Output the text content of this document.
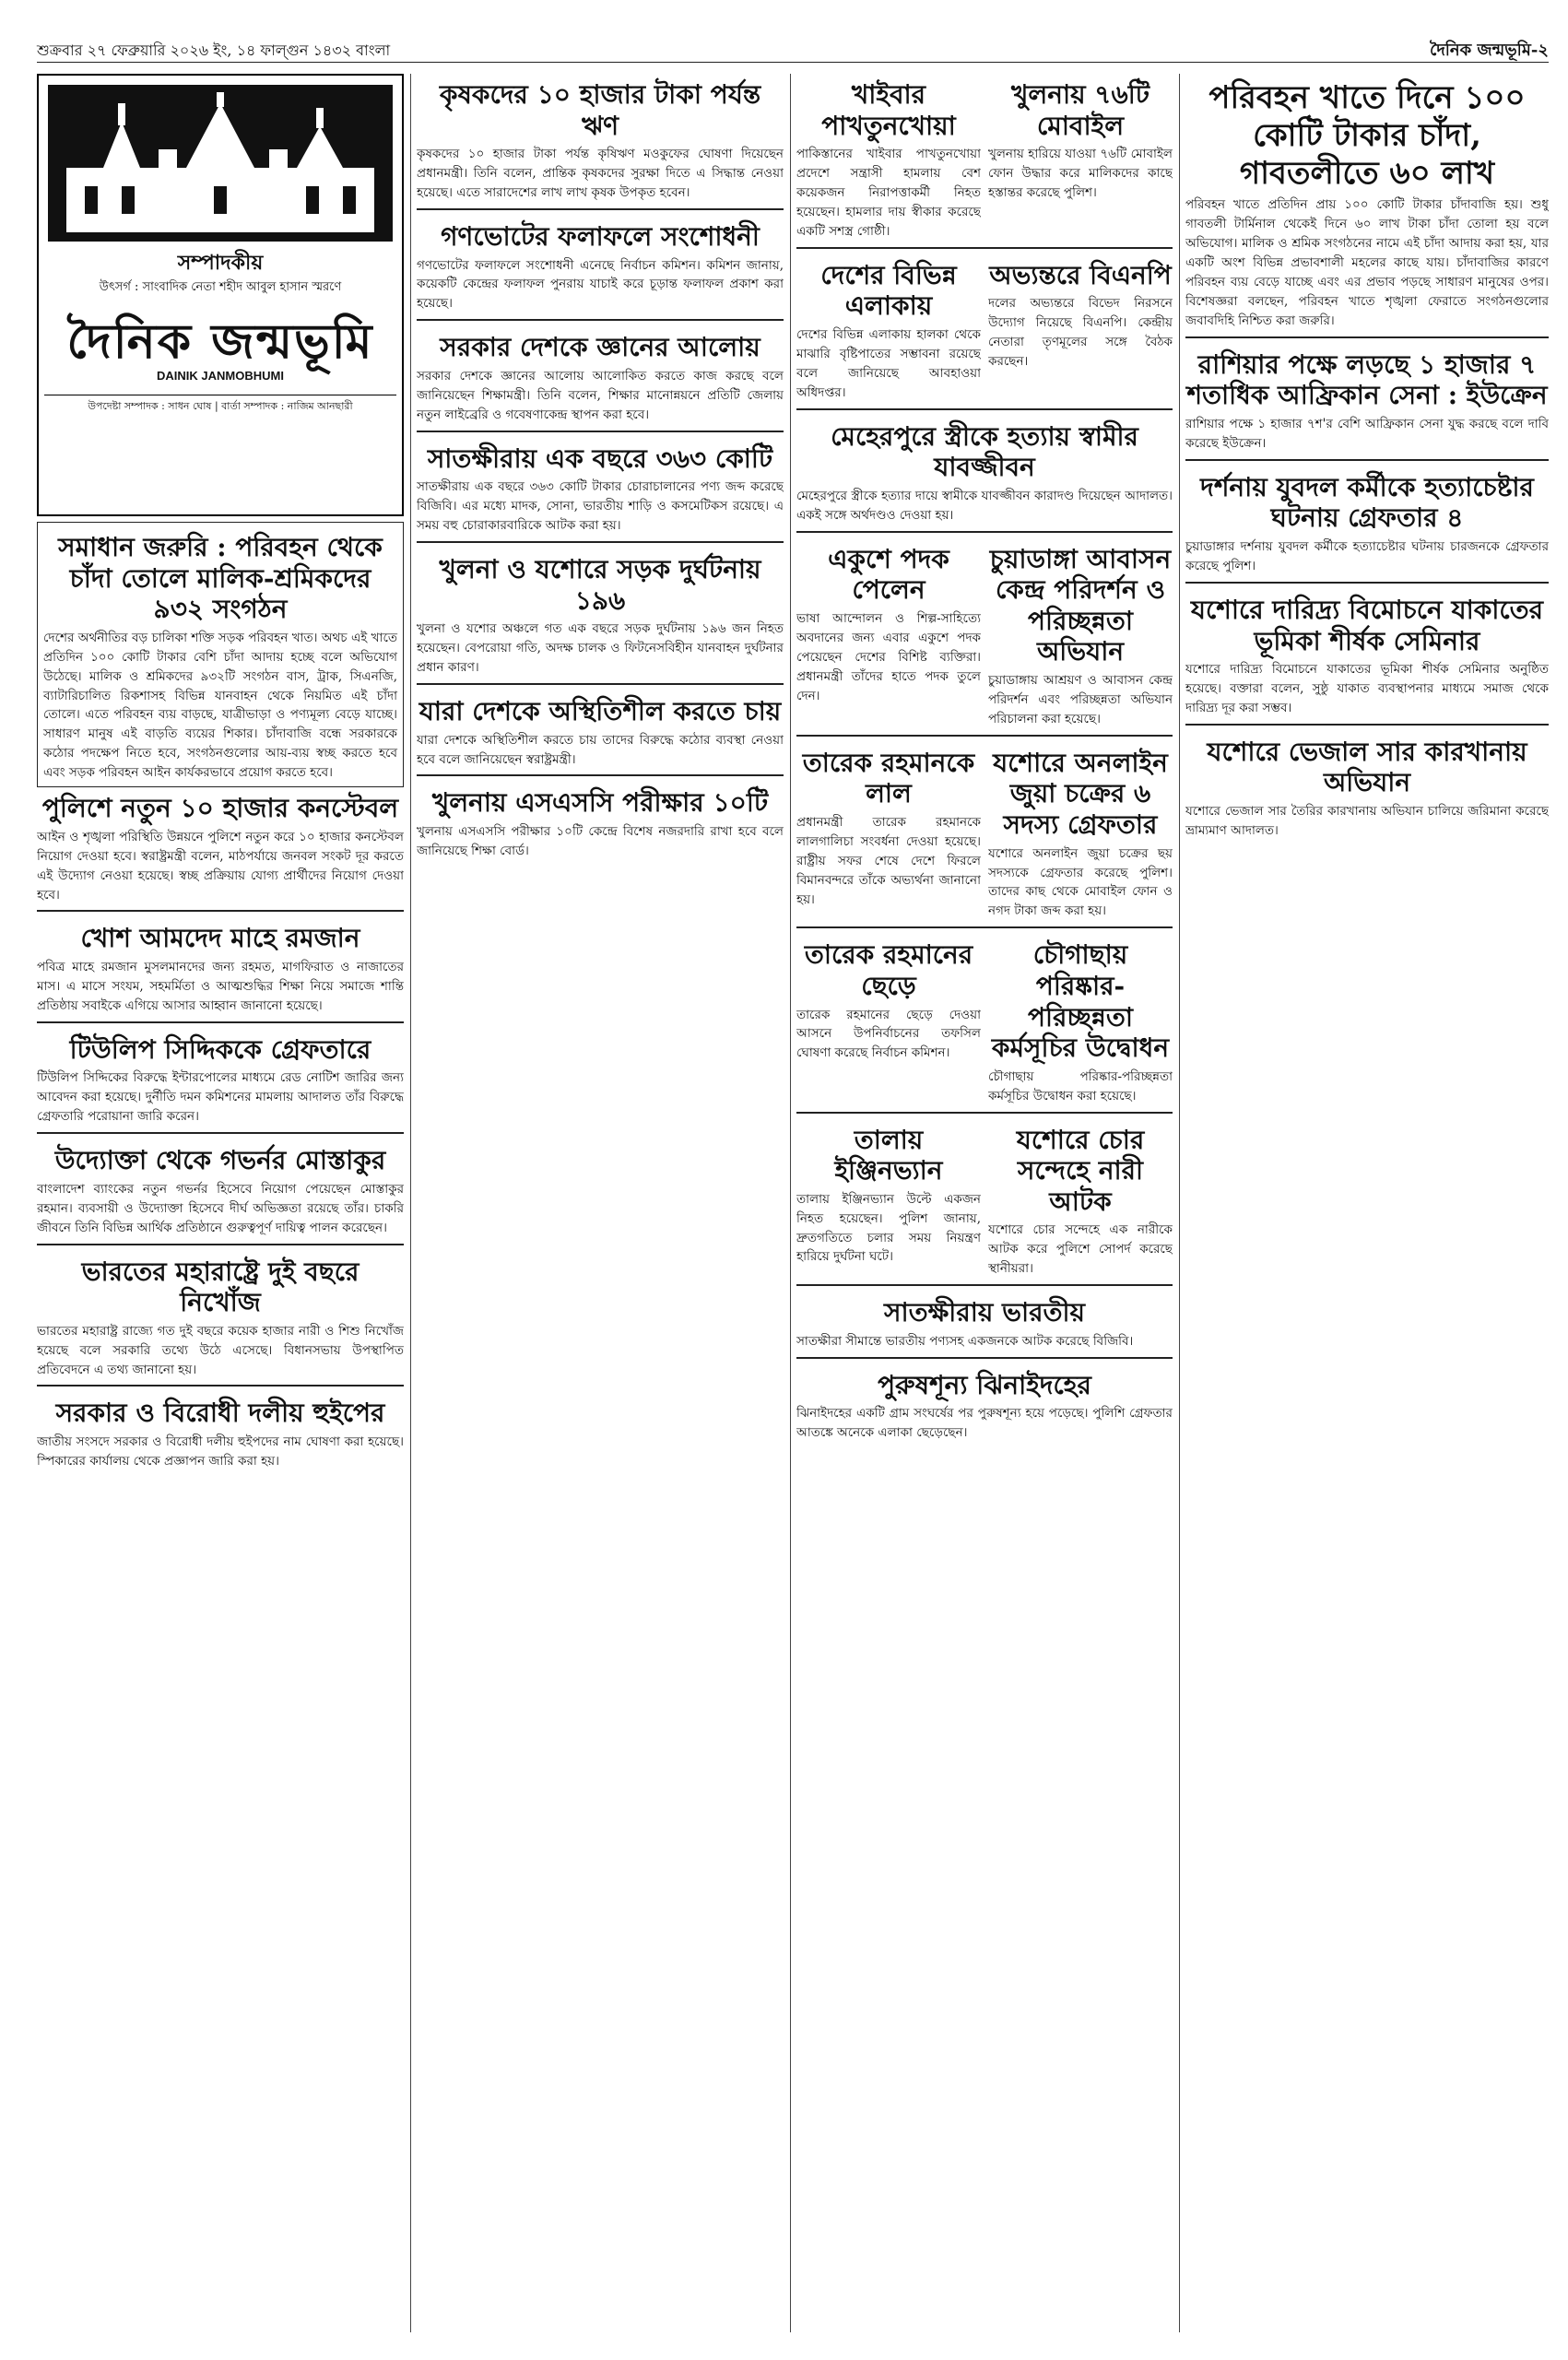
শুক্রবার ২৭ ফেব্রুয়ারি ২০২৬ ইং, ১৪ ফাল্গুন ১৪৩২ বাংলা	দৈনিক জন্মভূমি-২
সম্পাদকীয়
উৎসর্গ : সাংবাদিক নেতা শহীদ আবুল হাসান স্মরণে
দৈনিক জন্মভূমি
DAINIK JANMOBHUMI
উপদেষ্টা সম্পাদক : সাধন ঘোষ | বার্তা সম্পাদক : নাজিম আনছারী
সমাধান জরুরি : পরিবহন থেকে চাঁদা তোলে মালিক-শ্রমিকদের ৯৩২ সংগঠন

দেশের অর্থনীতির বড় চালিকা শক্তি সড়ক পরিবহন খাত। অথচ এই খাতে প্রতিদিন ১০০ কোটি টাকার বেশি চাঁদা আদায় হচ্ছে বলে অভিযোগ উঠেছে। মালিক ও শ্রমিকদের ৯৩২টি সংগঠন বাস, ট্রাক, সিএনজি, ব্যাটারিচালিত রিকশাসহ বিভিন্ন যানবাহন থেকে নিয়মিত এই চাঁদা তোলে। এতে পরিবহন ব্যয় বাড়ছে, যাত্রীভাড়া ও পণ্যমূল্য বেড়ে যাচ্ছে। সাধারণ মানুষ এই বাড়তি ব্যয়ের শিকার। চাঁদাবাজি বন্ধে সরকারকে কঠোর পদক্ষেপ নিতে হবে, সংগঠনগুলোর আয়-ব্যয় স্বচ্ছ করতে হবে এবং সড়ক পরিবহন আইন কার্যকরভাবে প্রয়োগ করতে হবে।

পুলিশে নতুন ১০ হাজার কনস্টেবল

আইন ও শৃঙ্খলা পরিস্থিতি উন্নয়নে পুলিশে নতুন করে ১০ হাজার কনস্টেবল নিয়োগ দেওয়া হবে। স্বরাষ্ট্রমন্ত্রী বলেন, মাঠপর্যায়ে জনবল সংকট দূর করতে এই উদ্যোগ নেওয়া হয়েছে। স্বচ্ছ প্রক্রিয়ায় যোগ্য প্রার্থীদের নিয়োগ দেওয়া হবে।

খোশ আমদেদ মাহে রমজান

পবিত্র মাহে রমজান মুসলমানদের জন্য রহমত, মাগফিরাত ও নাজাতের মাস। এ মাসে সংযম, সহমর্মিতা ও আত্মশুদ্ধির শিক্ষা নিয়ে সমাজে শান্তি প্রতিষ্ঠায় সবাইকে এগিয়ে আসার আহ্বান জানানো হয়েছে।

টিউলিপ সিদ্দিককে গ্রেফতারে

টিউলিপ সিদ্দিকের বিরুদ্ধে ইন্টারপোলের মাধ্যমে রেড নোটিশ জারির জন্য আবেদন করা হয়েছে। দুর্নীতি দমন কমিশনের মামলায় আদালত তাঁর বিরুদ্ধে গ্রেফতারি পরোয়ানা জারি করেন।

উদ্যোক্তা থেকে গভর্নর মোস্তাকুর

বাংলাদেশ ব্যাংকের নতুন গভর্নর হিসেবে নিয়োগ পেয়েছেন মোস্তাকুর রহমান। ব্যবসায়ী ও উদ্যোক্তা হিসেবে দীর্ঘ অভিজ্ঞতা রয়েছে তাঁর। চাকরি জীবনে তিনি বিভিন্ন আর্থিক প্রতিষ্ঠানে গুরুত্বপূর্ণ দায়িত্ব পালন করেছেন।

ভারতের মহারাষ্ট্রে দুই বছরে নিখোঁজ

ভারতের মহারাষ্ট্র রাজ্যে গত দুই বছরে কয়েক হাজার নারী ও শিশু নিখোঁজ হয়েছে বলে সরকারি তথ্যে উঠে এসেছে। বিধানসভায় উপস্থাপিত প্রতিবেদনে এ তথ্য জানানো হয়।

সরকার ও বিরোধী দলীয় হুইপের

জাতীয় সংসদে সরকার ও বিরোধী দলীয় হুইপদের নাম ঘোষণা করা হয়েছে। স্পিকারের কার্যালয় থেকে প্রজ্ঞাপন জারি করা হয়।

কৃষকদের ১০ হাজার টাকা পর্যন্ত ঋণ

কৃষকদের ১০ হাজার টাকা পর্যন্ত কৃষিঋণ মওকুফের ঘোষণা দিয়েছেন প্রধানমন্ত্রী। তিনি বলেন, প্রান্তিক কৃষকদের সুরক্ষা দিতে এ সিদ্ধান্ত নেওয়া হয়েছে। এতে সারাদেশের লাখ লাখ কৃষক উপকৃত হবেন।

গণভোটের ফলাফলে সংশোধনী

গণভোটের ফলাফলে সংশোধনী এনেছে নির্বাচন কমিশন। কমিশন জানায়, কয়েকটি কেন্দ্রের ফলাফল পুনরায় যাচাই করে চূড়ান্ত ফলাফল প্রকাশ করা হয়েছে।

সরকার দেশকে জ্ঞানের আলোয়

সরকার দেশকে জ্ঞানের আলোয় আলোকিত করতে কাজ করছে বলে জানিয়েছেন শিক্ষামন্ত্রী। তিনি বলেন, শিক্ষার মানোন্নয়নে প্রতিটি জেলায় নতুন লাইব্রেরি ও গবেষণাকেন্দ্র স্থাপন করা হবে।

সাতক্ষীরায় এক বছরে ৩৬৩ কোটি

সাতক্ষীরায় এক বছরে ৩৬৩ কোটি টাকার চোরাচালানের পণ্য জব্দ করেছে বিজিবি। এর মধ্যে মাদক, সোনা, ভারতীয় শাড়ি ও কসমেটিকস রয়েছে। এ সময় বহু চোরাকারবারিকে আটক করা হয়।

খুলনা ও যশোরে সড়ক দুর্ঘটনায় ১৯৬

খুলনা ও যশোর অঞ্চলে গত এক বছরে সড়ক দুর্ঘটনায় ১৯৬ জন নিহত হয়েছেন। বেপরোয়া গতি, অদক্ষ চালক ও ফিটনেসবিহীন যানবাহন দুর্ঘটনার প্রধান কারণ।

যারা দেশকে অস্থিতিশীল করতে চায়

যারা দেশকে অস্থিতিশীল করতে চায় তাদের বিরুদ্ধে কঠোর ব্যবস্থা নেওয়া হবে বলে জানিয়েছেন স্বরাষ্ট্রমন্ত্রী।

খুলনায় এসএসসি পরীক্ষার ১০টি

খুলনায় এসএসসি পরীক্ষার ১০টি কেন্দ্রে বিশেষ নজরদারি রাখা হবে বলে জানিয়েছে শিক্ষা বোর্ড।

খাইবার পাখতুনখোয়া

পাকিস্তানের খাইবার পাখতুনখোয়া প্রদেশে সন্ত্রাসী হামলায় বেশ কয়েকজন নিরাপত্তাকর্মী নিহত হয়েছেন। হামলার দায় স্বীকার করেছে একটি সশস্ত্র গোষ্ঠী।

খুলনায় ৭৬টি মোবাইল

খুলনায় হারিয়ে যাওয়া ৭৬টি মোবাইল ফোন উদ্ধার করে মালিকদের কাছে হস্তান্তর করেছে পুলিশ।

দেশের বিভিন্ন এলাকায়

দেশের বিভিন্ন এলাকায় হালকা থেকে মাঝারি বৃষ্টিপাতের সম্ভাবনা রয়েছে বলে জানিয়েছে আবহাওয়া অধিদপ্তর।

অভ্যন্তরে বিএনপি

দলের অভ্যন্তরে বিভেদ নিরসনে উদ্যোগ নিয়েছে বিএনপি। কেন্দ্রীয় নেতারা তৃণমূলের সঙ্গে বৈঠক করছেন।

মেহেরপুরে স্ত্রীকে হত্যায় স্বামীর যাবজ্জীবন

মেহেরপুরে স্ত্রীকে হত্যার দায়ে স্বামীকে যাবজ্জীবন কারাদণ্ড দিয়েছেন আদালত। একই সঙ্গে অর্থদণ্ডও দেওয়া হয়।

একুশে পদক পেলেন

ভাষা আন্দোলন ও শিল্প-সাহিত্যে অবদানের জন্য এবার একুশে পদক পেয়েছেন দেশের বিশিষ্ট ব্যক্তিরা। প্রধানমন্ত্রী তাঁদের হাতে পদক তুলে দেন।

চুয়াডাঙ্গা আবাসন কেন্দ্র পরিদর্শন ও পরিচ্ছন্নতা অভিযান

চুয়াডাঙ্গায় আশ্রয়ণ ও আবাসন কেন্দ্র পরিদর্শন এবং পরিচ্ছন্নতা অভিযান পরিচালনা করা হয়েছে।

তারেক রহমানকে লাল

প্রধানমন্ত্রী তারেক রহমানকে লালগালিচা সংবর্ধনা দেওয়া হয়েছে। রাষ্ট্রীয় সফর শেষে দেশে ফিরলে বিমানবন্দরে তাঁকে অভ্যর্থনা জানানো হয়।

যশোরে অনলাইন জুয়া চক্রের ৬ সদস্য গ্রেফতার

যশোরে অনলাইন জুয়া চক্রের ছয় সদস্যকে গ্রেফতার করেছে পুলিশ। তাদের কাছ থেকে মোবাইল ফোন ও নগদ টাকা জব্দ করা হয়।

তারেক রহমানের ছেড়ে

তারেক রহমানের ছেড়ে দেওয়া আসনে উপনির্বাচনের তফসিল ঘোষণা করেছে নির্বাচন কমিশন।

চৌগাছায় পরিষ্কার-পরিচ্ছন্নতা কর্মসূচির উদ্বোধন

চৌগাছায় পরিষ্কার-পরিচ্ছন্নতা কর্মসূচির উদ্বোধন করা হয়েছে।

তালায় ইঞ্জিনভ্যান

তালায় ইঞ্জিনভ্যান উল্টে একজন নিহত হয়েছেন। পুলিশ জানায়, দ্রুতগতিতে চলার সময় নিয়ন্ত্রণ হারিয়ে দুর্ঘটনা ঘটে।

যশোরে চোর সন্দেহে নারী আটক

যশোরে চোর সন্দেহে এক নারীকে আটক করে পুলিশে সোপর্দ করেছে স্থানীয়রা।

সাতক্ষীরায় ভারতীয়

সাতক্ষীরা সীমান্তে ভারতীয় পণ্যসহ একজনকে আটক করেছে বিজিবি।

পুরুষশূন্য ঝিনাইদহের

ঝিনাইদহের একটি গ্রাম সংঘর্ষের পর পুরুষশূন্য হয়ে পড়েছে। পুলিশি গ্রেফতার আতঙ্কে অনেকে এলাকা ছেড়েছেন।

পরিবহন খাতে দিনে ১০০ কোটি টাকার চাঁদা, গাবতলীতে ৬০ লাখ

পরিবহন খাতে প্রতিদিন প্রায় ১০০ কোটি টাকার চাঁদাবাজি হয়। শুধু গাবতলী টার্মিনাল থেকেই দিনে ৬০ লাখ টাকা চাঁদা তোলা হয় বলে অভিযোগ। মালিক ও শ্রমিক সংগঠনের নামে এই চাঁদা আদায় করা হয়, যার একটি অংশ বিভিন্ন প্রভাবশালী মহলের কাছে যায়। চাঁদাবাজির কারণে পরিবহন ব্যয় বেড়ে যাচ্ছে এবং এর প্রভাব পড়ছে সাধারণ মানুষের ওপর। বিশেষজ্ঞরা বলছেন, পরিবহন খাতে শৃঙ্খলা ফেরাতে সংগঠনগুলোর জবাবদিহি নিশ্চিত করা জরুরি।

রাশিয়ার পক্ষে লড়ছে ১ হাজার ৭ শতাধিক আফ্রিকান সেনা : ইউক্রেন

রাশিয়ার পক্ষে ১ হাজার ৭শ'র বেশি আফ্রিকান সেনা যুদ্ধ করছে বলে দাবি করেছে ইউক্রেন।

দর্শনায় যুবদল কর্মীকে হত্যাচেষ্টার ঘটনায় গ্রেফতার ৪

চুয়াডাঙ্গার দর্শনায় যুবদল কর্মীকে হত্যাচেষ্টার ঘটনায় চারজনকে গ্রেফতার করেছে পুলিশ।

যশোরে দারিদ্র্য বিমোচনে যাকাতের ভূমিকা শীর্ষক সেমিনার

যশোরে দারিদ্র্য বিমোচনে যাকাতের ভূমিকা শীর্ষক সেমিনার অনুষ্ঠিত হয়েছে। বক্তারা বলেন, সুষ্ঠু যাকাত ব্যবস্থাপনার মাধ্যমে সমাজ থেকে দারিদ্র্য দূর করা সম্ভব।

যশোরে ভেজাল সার কারখানায় অভিযান

যশোরে ভেজাল সার তৈরির কারখানায় অভিযান চালিয়ে জরিমানা করেছে ভ্রাম্যমাণ আদালত।
